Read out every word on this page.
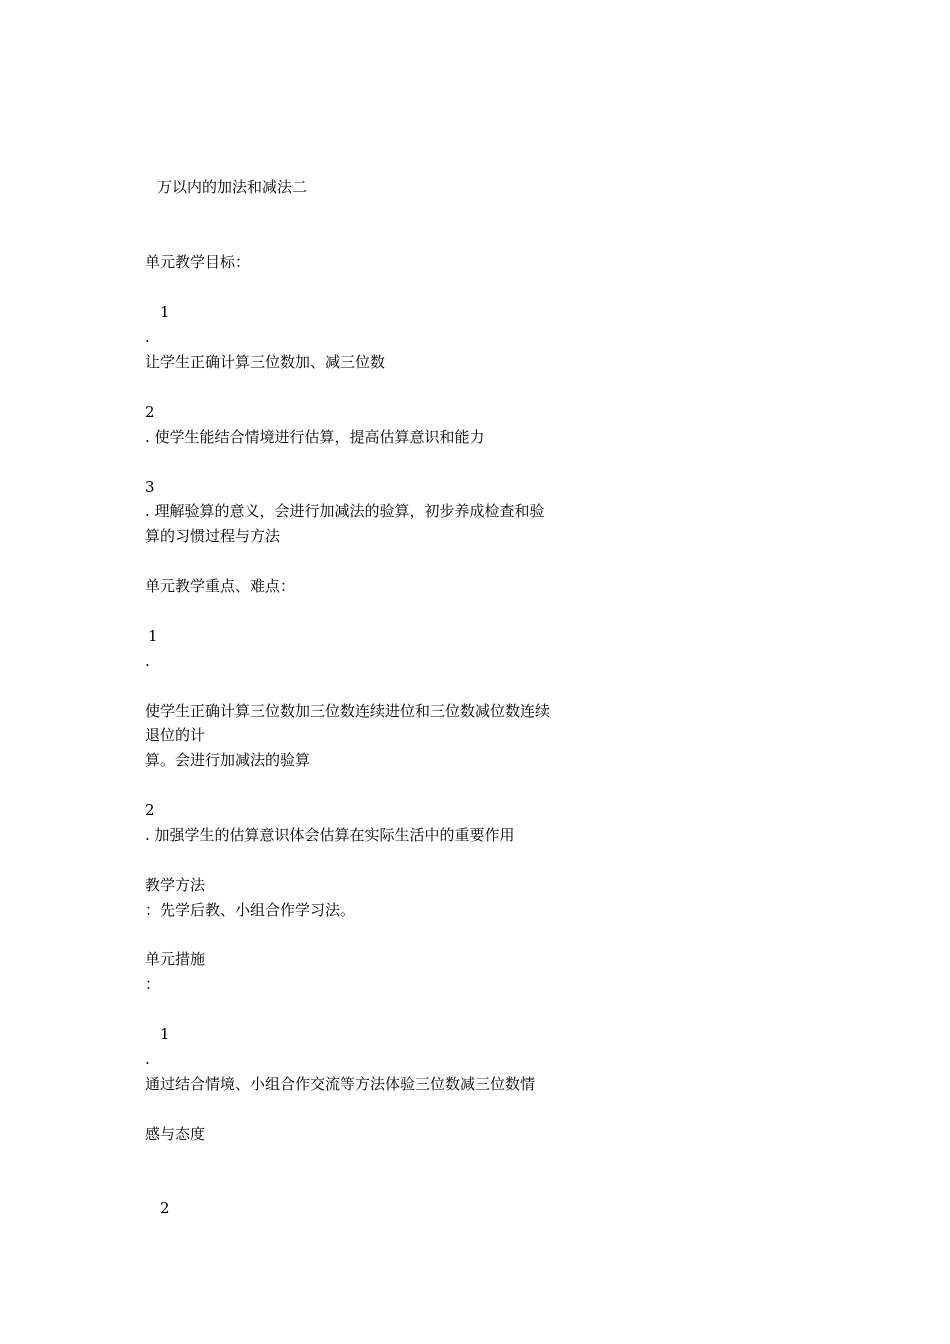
万以内的加法和减法二

单元教学目标：

1

.

让学生正确计算三位数加、减三位数

2

. 使学生能结合情境进行估算，提高估算意识和能力

3

. 理解验算的意义，会进行加减法的验算，初步养成检查和验

算的习惯过程与方法

单元教学重点、难点：

1

.

使学生正确计算三位数加三位数连续进位和三位数减位数连续

退位的计

算。会进行加减法的验算

2

. 加强学生的估算意识体会估算在实际生活中的重要作用

教学方法

：先学后教、小组合作学习法。

单元措施

：

1

.

通过结合情境、小组合作交流等方法体验三位数减三位数情

感与态度

2
